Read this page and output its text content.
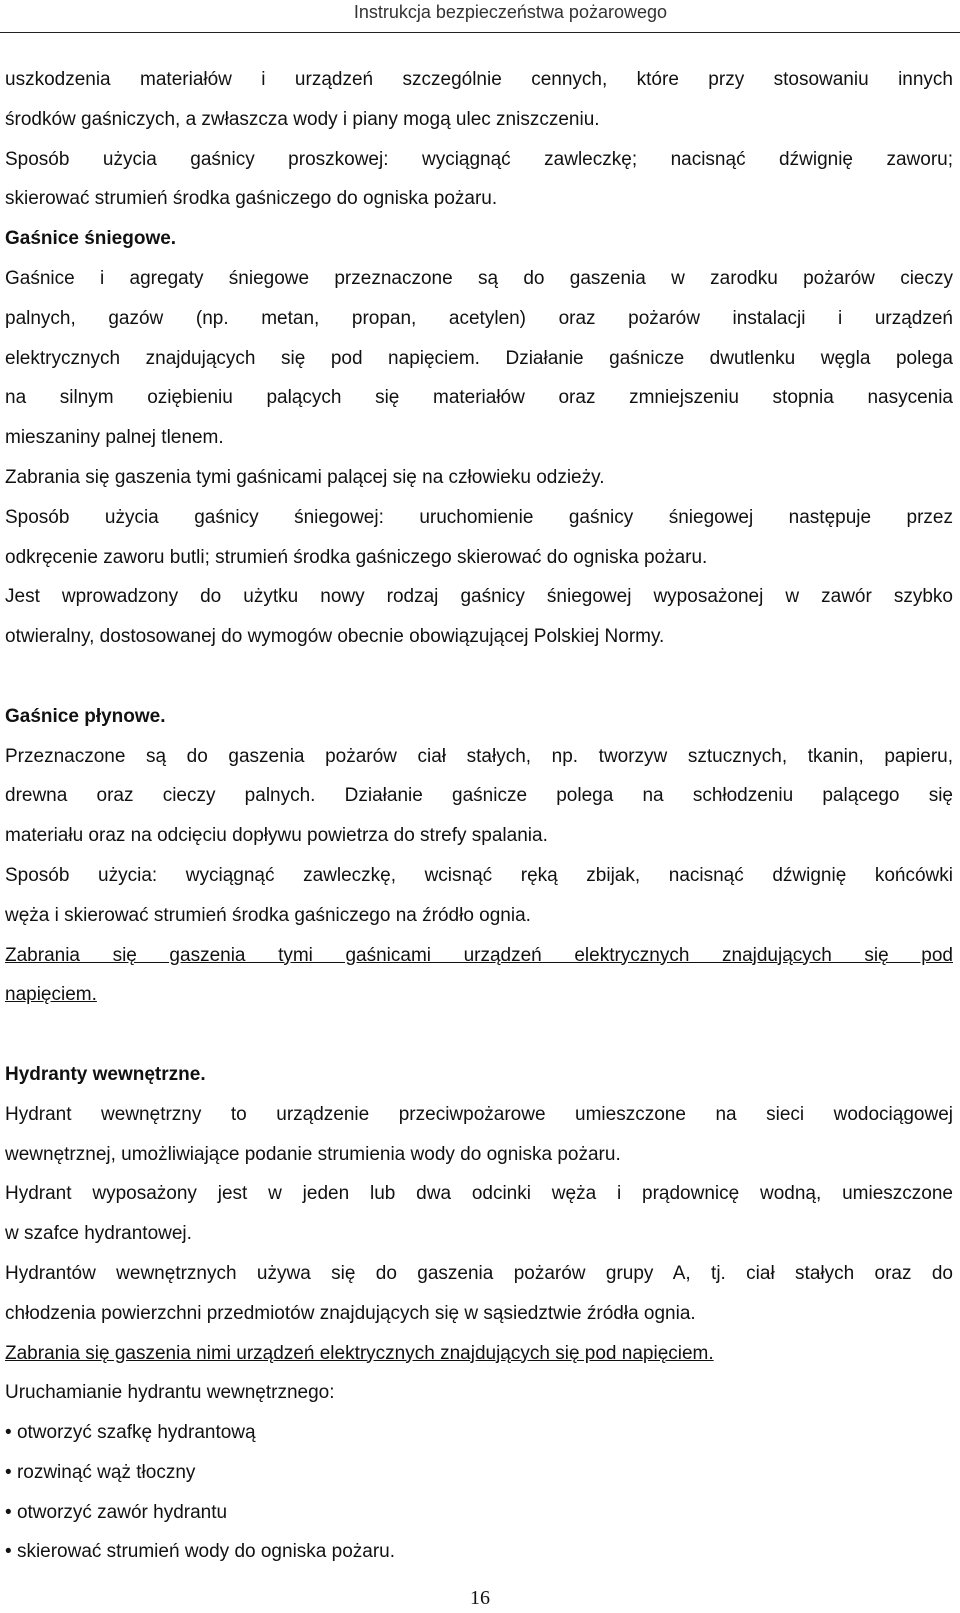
Instrukcja bezpieczeństwa pożarowego
uszkodzenia materiałów i urządzeń szczególnie cennych, które przy stosowaniu innych
środków gaśniczych, a zwłaszcza wody i piany mogą ulec zniszczeniu.
Sposób użycia gaśnicy proszkowej: wyciągnąć zawleczkę; nacisnąć dźwignię zaworu;
skierować strumień środka gaśniczego do ogniska pożaru.
Gaśnice śniegowe.
Gaśnice i agregaty śniegowe przeznaczone są do gaszenia w zarodku pożarów cieczy
palnych, gazów (np. metan, propan, acetylen) oraz pożarów instalacji i urządzeń
elektrycznych znajdujących się pod napięciem. Działanie gaśnicze dwutlenku węgla polega
na silnym oziębieniu palących się materiałów oraz zmniejszeniu stopnia nasycenia
mieszaniny palnej tlenem.
Zabrania się gaszenia tymi gaśnicami palącej się na człowieku odzieży.
Sposób użycia gaśnicy śniegowej: uruchomienie gaśnicy śniegowej następuje przez
odkręcenie zaworu butli; strumień środka gaśniczego skierować do ogniska pożaru.
Jest wprowadzony do użytku nowy rodzaj gaśnicy śniegowej wyposażonej w zawór szybko
otwieralny, dostosowanej do wymogów obecnie obowiązującej Polskiej Normy.
Gaśnice płynowe.
Przeznaczone są do gaszenia pożarów ciał stałych, np. tworzyw sztucznych, tkanin, papieru,
drewna oraz cieczy palnych. Działanie gaśnicze polega na schłodzeniu palącego się
materiału oraz na odcięciu dopływu powietrza do strefy spalania.
Sposób użycia: wyciągnąć zawleczkę, wcisnąć ręką zbijak, nacisnąć dźwignię końcówki
węża i skierować strumień środka gaśniczego na źródło ognia.
Zabrania się gaszenia tymi gaśnicami urządzeń elektrycznych znajdujących się pod
napięciem.
Hydranty wewnętrzne.
Hydrant wewnętrzny to urządzenie przeciwpożarowe umieszczone na sieci wodociągowej
wewnętrznej, umożliwiające podanie strumienia wody do ogniska pożaru.
Hydrant wyposażony jest w jeden lub dwa odcinki węża i prądownicę wodną, umieszczone
w szafce hydrantowej.
Hydrantów wewnętrznych używa się do gaszenia pożarów grupy A, tj. ciał stałych oraz do
chłodzenia powierzchni przedmiotów znajdujących się w sąsiedztwie źródła ognia.
Zabrania się gaszenia nimi urządzeń elektrycznych znajdujących się pod napięciem.
Uruchamianie hydrantu wewnętrznego:
• otworzyć szafkę hydrantową
• rozwinąć wąż tłoczny
• otworzyć zawór hydrantu
• skierować strumień wody do ogniska pożaru.
16
